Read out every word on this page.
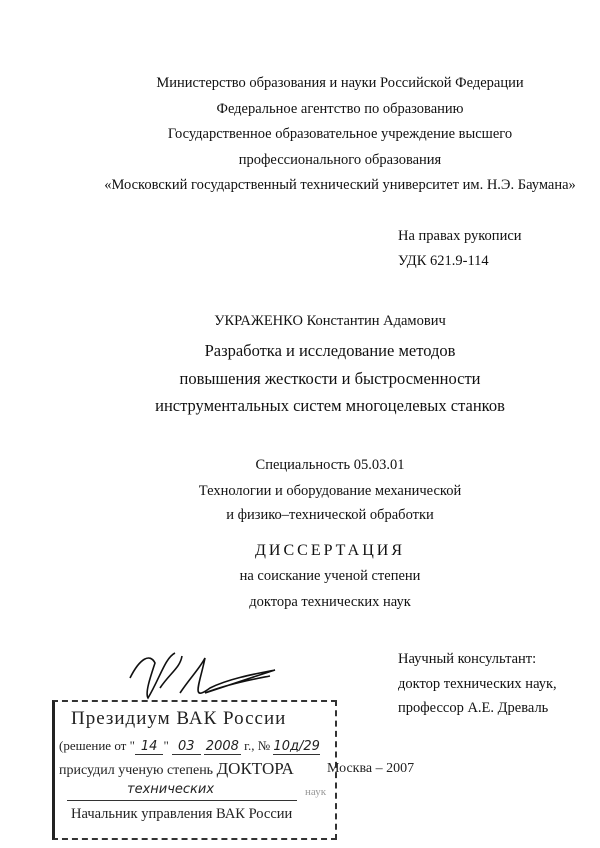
Министерство образования и науки Российской Федерации
Федеральное агентство по образованию
Государственное образовательное учреждение высшего
профессионального образования
«Московский государственный технический университет им. Н.Э. Баумана»
На правах рукописи
УДК 621.9-114
УКРАЖЕНКО Константин Адамович
Разработка и исследование методов
повышения жесткости и быстросменности
инструментальных систем многоцелевых станков
Специальность 05.03.01
Технологии и оборудование механической
и физико–технической обработки
ДИССЕРТАЦИЯ
на соискание ученой степени
доктора технических наук
Научный консультант:
доктор технических наук,
профессор А.Е. Древаль
Президиум ВАК России
(решение от " 14 " 03 2008 г., № 10д/29
присудил ученую степень ДОКТОРА Москва – 2007
технических	наук
Начальник управления ВАК России
